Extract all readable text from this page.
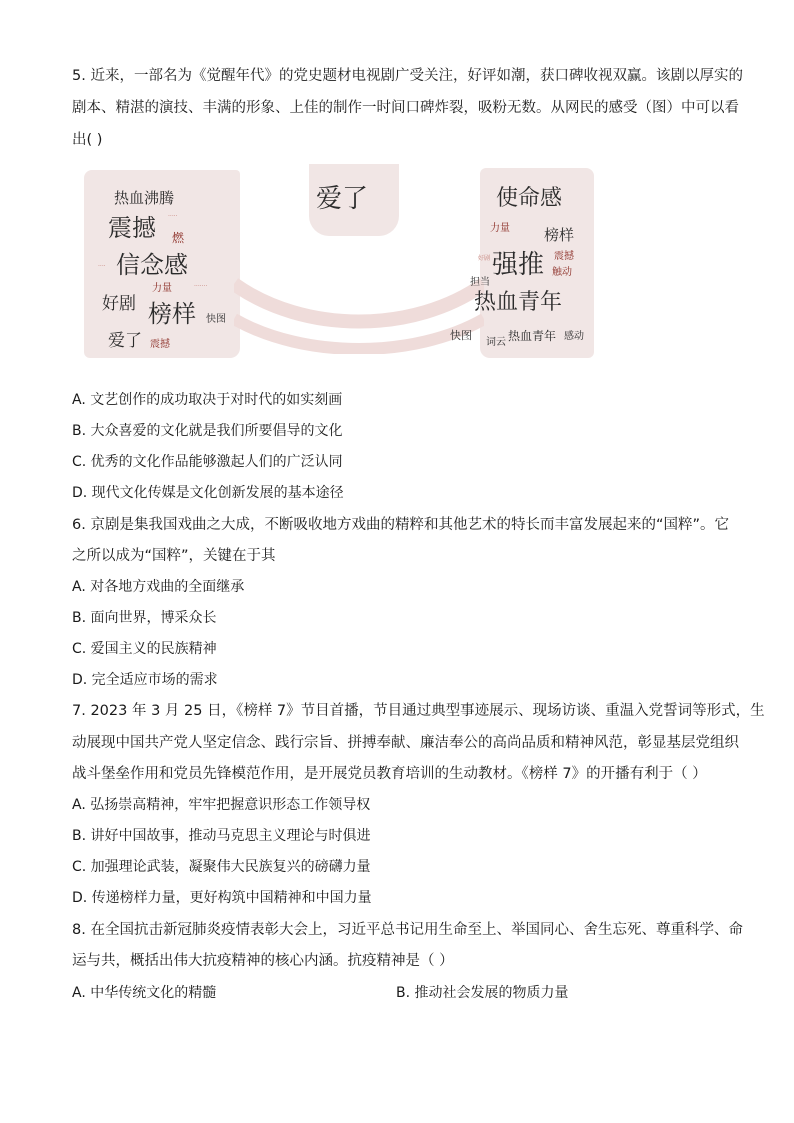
5. 近来，一部名为《觉醒年代》的党史题材电视剧广受关注，好评如潮，获口碑收视双赢。该剧以厚实的
剧本、精湛的演技、丰满的形象、上佳的制作一时间口碑炸裂，吸粉无数。从网民的感受（图）中可以看
出( )
爱了
热血沸腾
震撼 燃
信念感
好剧
力量
榜样 快图
爱了 震撼
·····
····
·······
使命感
力量 榜样
强推 震撼
触动
好剧
担当
热血青年
快图
词云 热血青年 感动
A. 文艺创作的成功取决于对时代的如实刻画
B. 大众喜爱的文化就是我们所要倡导的文化
C. 优秀的文化作品能够激起人们的广泛认同
D. 现代文化传媒是文化创新发展的基本途径
6. 京剧是集我国戏曲之大成，不断吸收地方戏曲的精粹和其他艺术的特长而丰富发展起来的“国粹”。它
之所以成为“国粹”，关键在于其
A. 对各地方戏曲的全面继承
B. 面向世界，博采众长
C. 爱国主义的民族精神
D. 完全适应市场的需求
7. 2023 年 3 月 25 日，《榜样 7》节目首播，节目通过典型事迹展示、现场访谈、重温入党誓词等形式，生
动展现中国共产党人坚定信念、践行宗旨、拼搏奉献、廉洁奉公的高尚品质和精神风范，彰显基层党组织
战斗堡垒作用和党员先锋模范作用，是开展党员教育培训的生动教材。《榜样 7》的开播有利于（ ）
A. 弘扬崇高精神，牢牢把握意识形态工作领导权
B. 讲好中国故事，推动马克思主义理论与时俱进
C. 加强理论武装，凝聚伟大民族复兴的磅礴力量
D. 传递榜样力量，更好构筑中国精神和中国力量
8. 在全国抗击新冠肺炎疫情表彰大会上，习近平总书记用生命至上、举国同心、舍生忘死、尊重科学、命
运与共，概括出伟大抗疫精神的核心内涵。抗疫精神是（ ）
A. 中华传统文化的精髓	B. 推动社会发展的物质力量
